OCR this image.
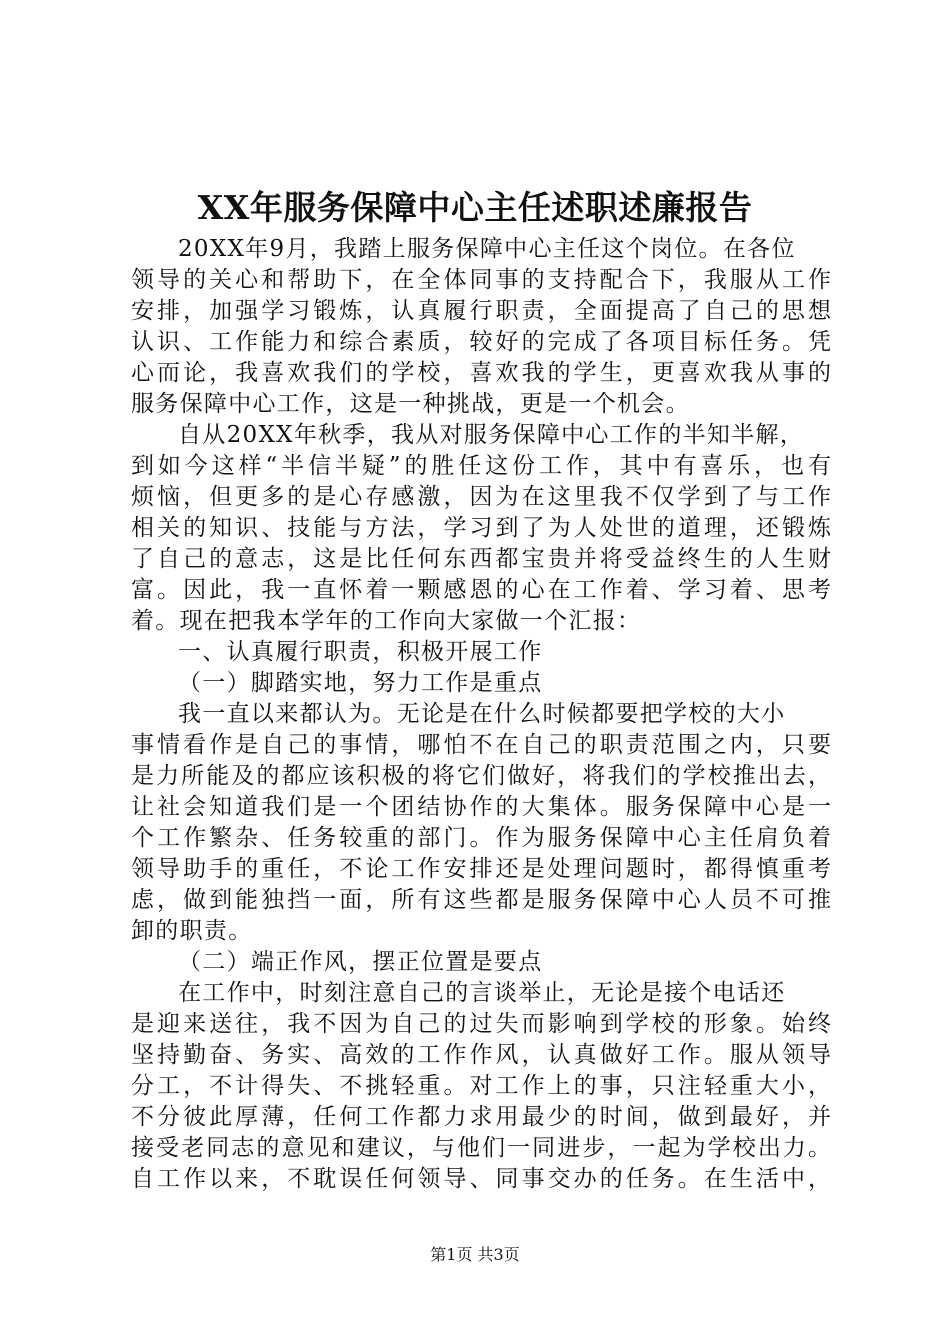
XX年服务保障中心主任述职述廉报告
20XX年9月，我踏上服务保障中心主任这个岗位。在各位
领导的关心和帮助下，在全体同事的支持配合下，我服从工作
安排，加强学习锻炼，认真履行职责，全面提高了自己的思想
认识、工作能力和综合素质，较好的完成了各项目标任务。凭
心而论，我喜欢我们的学校，喜欢我的学生，更喜欢我从事的
服务保障中心工作，这是一种挑战，更是一个机会。
自从20XX年秋季，我从对服务保障中心工作的半知半解，
到如今这样“半信半疑”的胜任这份工作，其中有喜乐，也有
烦恼，但更多的是心存感激，因为在这里我不仅学到了与工作
相关的知识、技能与方法，学习到了为人处世的道理，还锻炼
了自己的意志，这是比任何东西都宝贵并将受益终生的人生财
富。因此，我一直怀着一颗感恩的心在工作着、学习着、思考
着。现在把我本学年的工作向大家做一个汇报：
一、认真履行职责，积极开展工作
（一）脚踏实地，努力工作是重点
我一直以来都认为。无论是在什么时候都要把学校的大小
事情看作是自己的事情，哪怕不在自己的职责范围之内，只要
是力所能及的都应该积极的将它们做好，将我们的学校推出去，
让社会知道我们是一个团结协作的大集体。服务保障中心是一
个工作繁杂、任务较重的部门。作为服务保障中心主任肩负着
领导助手的重任，不论工作安排还是处理问题时，都得慎重考
虑，做到能独挡一面，所有这些都是服务保障中心人员不可推
卸的职责。
（二）端正作风，摆正位置是要点
在工作中，时刻注意自己的言谈举止，无论是接个电话还
是迎来送往，我不因为自己的过失而影响到学校的形象。始终
坚持勤奋、务实、高效的工作作风，认真做好工作。服从领导
分工，不计得失、不挑轻重。对工作上的事，只注轻重大小，
不分彼此厚薄，任何工作都力求用最少的时间，做到最好，并
接受老同志的意见和建议，与他们一同进步，一起为学校出力。
自工作以来，不耽误任何领导、同事交办的任务。在生活中，
第1页 共3页
